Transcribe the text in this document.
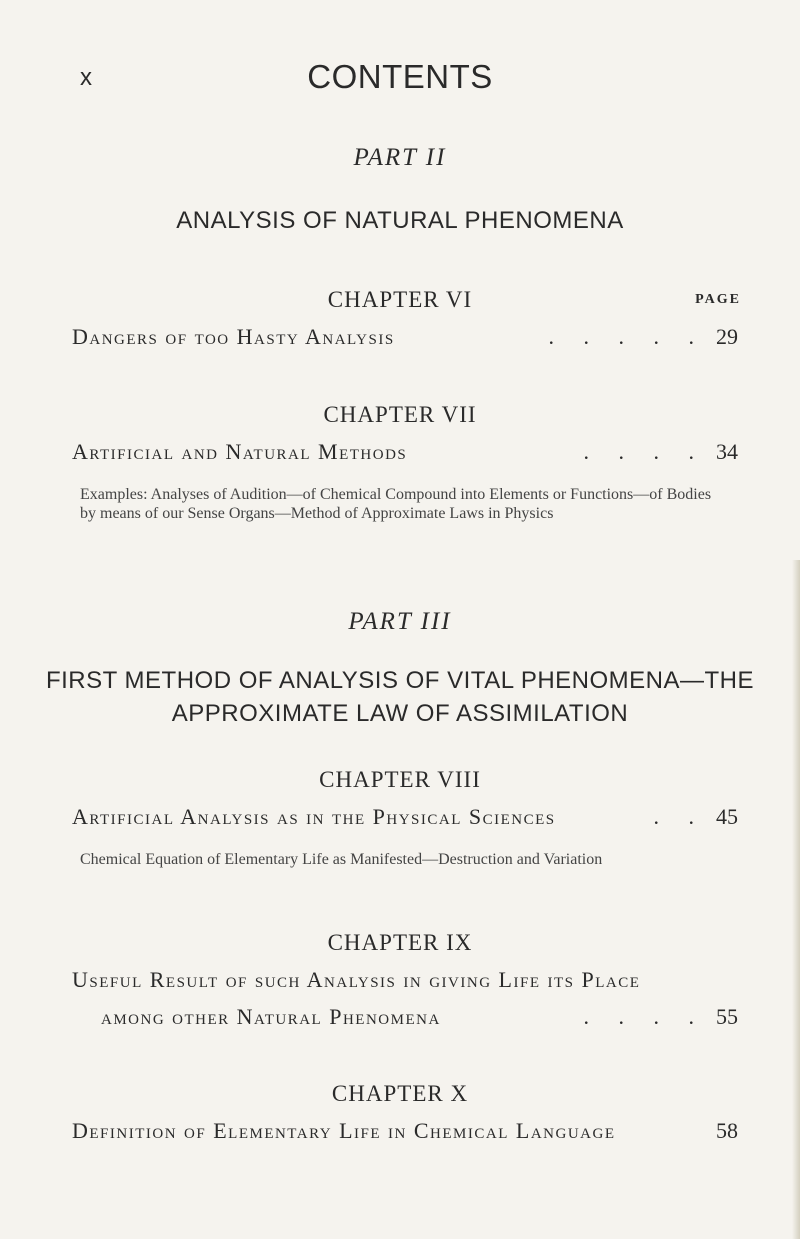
x	CONTENTS
PART II
ANALYSIS OF NATURAL PHENOMENA
CHAPTER VI	PAGE
Dangers of too Hasty Analysis	. . . . . 29
CHAPTER VII
Artificial and Natural Methods	. . . . 34
Examples: Analyses of Audition—of Chemical Compound into Elements or Functions—of Bodies by means of our Sense Organs—Method of Approximate Laws in Physics
PART III
FIRST METHOD OF ANALYSIS OF VITAL PHENOMENA—THE
APPROXIMATE LAW OF ASSIMILATION
CHAPTER VIII
Artificial Analysis as in the Physical Sciences	. . 45
Chemical Equation of Elementary Life as Manifested—Destruction and Variation
CHAPTER IX
Useful Result of such Analysis in giving Life its Place
among other Natural Phenomena	. . . . 55
CHAPTER X
Definition of Elementary Life in Chemical Language	58
